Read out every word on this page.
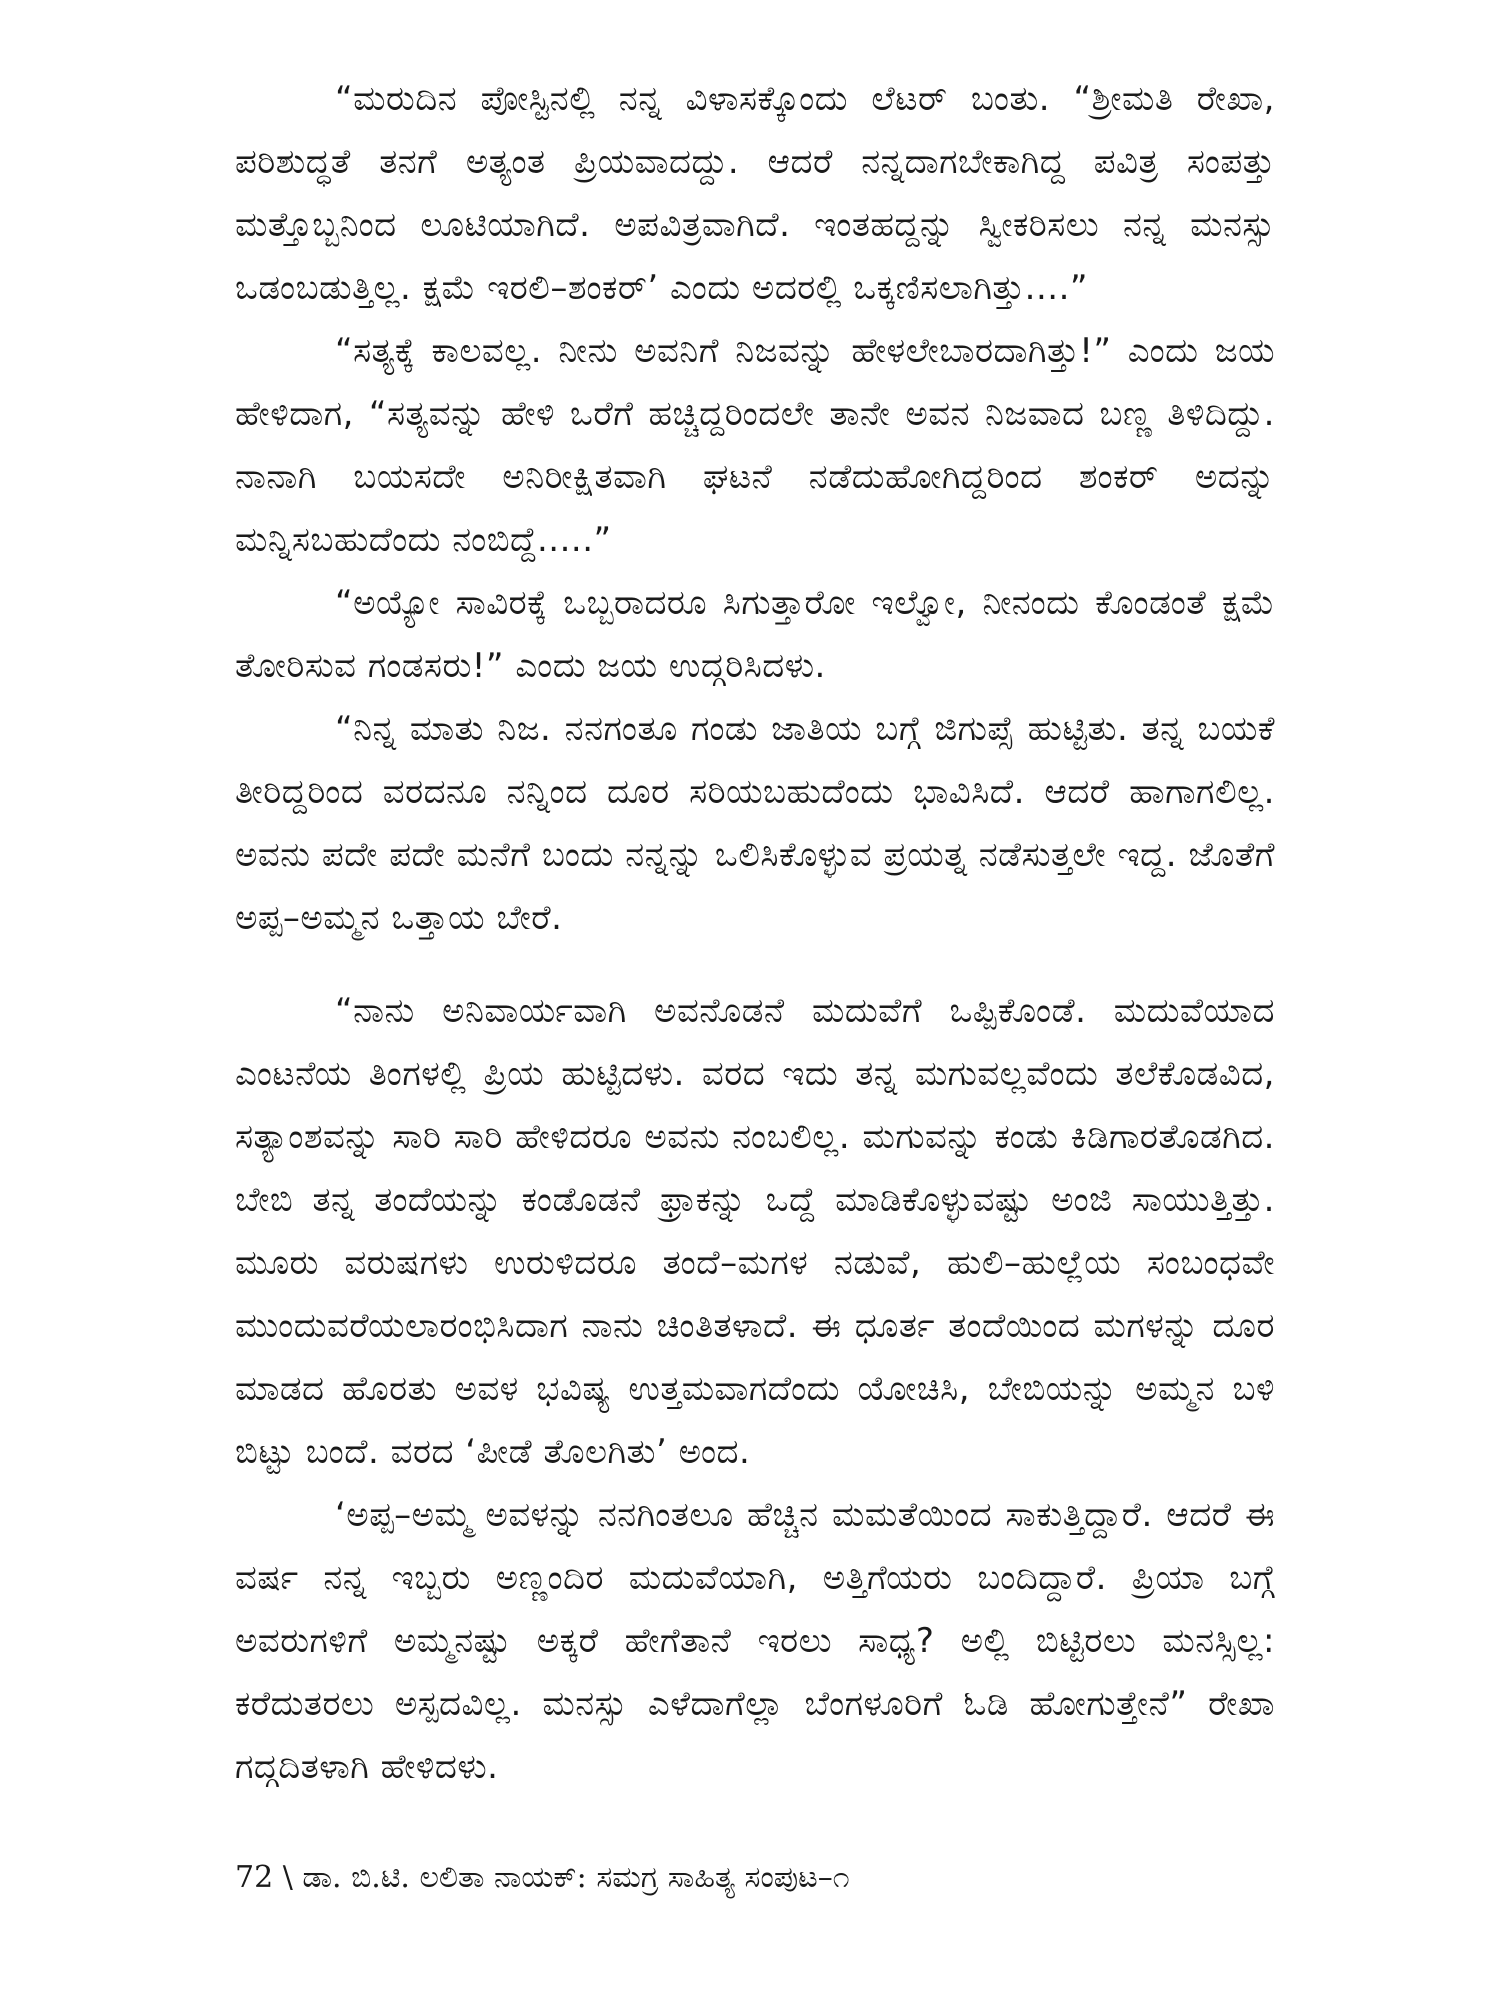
“ಮರುದಿನ ಪೋಸ್ಟಿನಲ್ಲಿ ನನ್ನ ವಿಳಾಸಕ್ಕೊಂದು ಲೆಟರ್ ಬಂತು. “ಶ್ರೀಮತಿ ರೇಖಾ, ಪರಿಶುದ್ಧತೆ ತನಗೆ ಅತ್ಯಂತ ಪ್ರಿಯವಾದದ್ದು. ಆದರೆ ನನ್ನದಾಗಬೇಕಾಗಿದ್ದ ಪವಿತ್ರ ಸಂಪತ್ತು ಮತ್ತೊಬ್ಬನಿಂದ ಲೂಟಿಯಾಗಿದೆ. ಅಪವಿತ್ರವಾಗಿದೆ. ಇಂತಹದ್ದನ್ನು ಸ್ವೀಕರಿಸಲು ನನ್ನ ಮನಸ್ಸು ಒಡಂಬಡುತ್ತಿಲ್ಲ. ಕ್ಷಮೆ ಇರಲಿ–ಶಂಕರ್’ ಎಂದು ಅದರಲ್ಲಿ ಒಕ್ಕಣಿಸಲಾಗಿತ್ತು....”

“ಸತ್ಯಕ್ಕೆ ಕಾಲವಲ್ಲ. ನೀನು ಅವನಿಗೆ ನಿಜವನ್ನು ಹೇಳಲೇಬಾರದಾಗಿತ್ತು!” ಎಂದು ಜಯ ಹೇಳಿದಾಗ, “ಸತ್ಯವನ್ನು ಹೇಳಿ ಒರೆಗೆ ಹಚ್ಚಿದ್ದರಿಂದಲೇ ತಾನೇ ಅವನ ನಿಜವಾದ ಬಣ್ಣ ತಿಳಿದಿದ್ದು. ನಾನಾಗಿ ಬಯಸದೇ ಅನಿರೀಕ್ಷಿತವಾಗಿ ಘಟನೆ ನಡೆದುಹೋಗಿದ್ದರಿಂದ ಶಂಕರ್ ಅದನ್ನು ಮನ್ನಿಸಬಹುದೆಂದು ನಂಬಿದ್ದೆ.....”

“ಅಯ್ಯೋ ಸಾವಿರಕ್ಕೆ ಒಬ್ಬರಾದರೂ ಸಿಗುತ್ತಾರೋ ಇಲ್ವೋ, ನೀನಂದು ಕೊಂಡಂತೆ ಕ್ಷಮೆ ತೋರಿಸುವ ಗಂಡಸರು!” ಎಂದು ಜಯ ಉದ್ಗರಿಸಿದಳು.

“ನಿನ್ನ ಮಾತು ನಿಜ. ನನಗಂತೂ ಗಂಡು ಜಾತಿಯ ಬಗ್ಗೆ ಜಿಗುಪ್ಸೆ ಹುಟ್ಟಿತು. ತನ್ನ ಬಯಕೆ ತೀರಿದ್ದರಿಂದ ವರದನೂ ನನ್ನಿಂದ ದೂರ ಸರಿಯಬಹುದೆಂದು ಭಾವಿಸಿದೆ. ಆದರೆ ಹಾಗಾಗಲಿಲ್ಲ. ಅವನು ಪದೇ ಪದೇ ಮನೆಗೆ ಬಂದು ನನ್ನನ್ನು ಒಲಿಸಿಕೊಳ್ಳುವ ಪ್ರಯತ್ನ ನಡೆಸುತ್ತಲೇ ಇದ್ದ. ಜೊತೆಗೆ ಅಪ್ಪ–ಅಮ್ಮನ ಒತ್ತಾಯ ಬೇರೆ.

“ನಾನು ಅನಿವಾರ್ಯವಾಗಿ ಅವನೊಡನೆ ಮದುವೆಗೆ ಒಪ್ಪಿಕೊಂಡೆ. ಮದುವೆಯಾದ ಎಂಟನೆಯ ತಿಂಗಳಲ್ಲಿ ಪ್ರಿಯ ಹುಟ್ಟಿದಳು. ವರದ ಇದು ತನ್ನ ಮಗುವಲ್ಲವೆಂದು ತಲೆಕೊಡವಿದ, ಸತ್ಯಾಂಶವನ್ನು ಸಾರಿ ಸಾರಿ ಹೇಳಿದರೂ ಅವನು ನಂಬಲಿಲ್ಲ. ಮಗುವನ್ನು ಕಂಡು ಕಿಡಿಗಾರತೊಡಗಿದ. ಬೇಬಿ ತನ್ನ ತಂದೆಯನ್ನು ಕಂಡೊಡನೆ ಫ್ರಾಕನ್ನು ಒದ್ದೆ ಮಾಡಿಕೊಳ್ಳುವಷ್ಟು ಅಂಜಿ ಸಾಯುತ್ತಿತ್ತು. ಮೂರು ವರುಷಗಳು ಉರುಳಿದರೂ ತಂದೆ–ಮಗಳ ನಡುವೆ, ಹುಲಿ–ಹುಲ್ಲೆಯ ಸಂಬಂಧವೇ ಮುಂದುವರೆಯಲಾರಂಭಿಸಿದಾಗ ನಾನು ಚಿಂತಿತಳಾದೆ. ಈ ಧೂರ್ತ ತಂದೆಯಿಂದ ಮಗಳನ್ನು ದೂರ ಮಾಡದ ಹೊರತು ಅವಳ ಭವಿಷ್ಯ ಉತ್ತಮವಾಗದೆಂದು ಯೋಚಿಸಿ, ಬೇಬಿಯನ್ನು ಅಮ್ಮನ ಬಳಿ ಬಿಟ್ಟು ಬಂದೆ. ವರದ ‘ಪೀಡೆ ತೊಲಗಿತು’ ಅಂದ.

‘ಅಪ್ಪ–ಅಮ್ಮ ಅವಳನ್ನು ನನಗಿಂತಲೂ ಹೆಚ್ಚಿನ ಮಮತೆಯಿಂದ ಸಾಕುತ್ತಿದ್ದಾರೆ. ಆದರೆ ಈ ವರ್ಷ ನನ್ನ ಇಬ್ಬರು ಅಣ್ಣಂದಿರ ಮದುವೆಯಾಗಿ, ಅತ್ತಿಗೆಯರು ಬಂದಿದ್ದಾರೆ. ಪ್ರಿಯಾ ಬಗ್ಗೆ ಅವರುಗಳಿಗೆ ಅಮ್ಮನಷ್ಟು ಅಕ್ಕರೆ ಹೇಗೆತಾನೆ ಇರಲು ಸಾಧ್ಯ? ಅಲ್ಲಿ ಬಿಟ್ಟಿರಲು ಮನಸ್ಸಿಲ್ಲ: ಕರೆದುತರಲು ಅಸ್ಪದವಿಲ್ಲ. ಮನಸ್ಸು ಎಳೆದಾಗೆಲ್ಲಾ ಬೆಂಗಳೂರಿಗೆ ಓಡಿ ಹೋಗುತ್ತೇನೆ” ರೇಖಾ ಗದ್ಗದಿತಳಾಗಿ ಹೇಳಿದಳು.

72 \ ಡಾ. ಬಿ.ಟಿ. ಲಲಿತಾ ನಾಯಕ್: ಸಮಗ್ರ ಸಾಹಿತ್ಯ ಸಂಪುಟ–೧
